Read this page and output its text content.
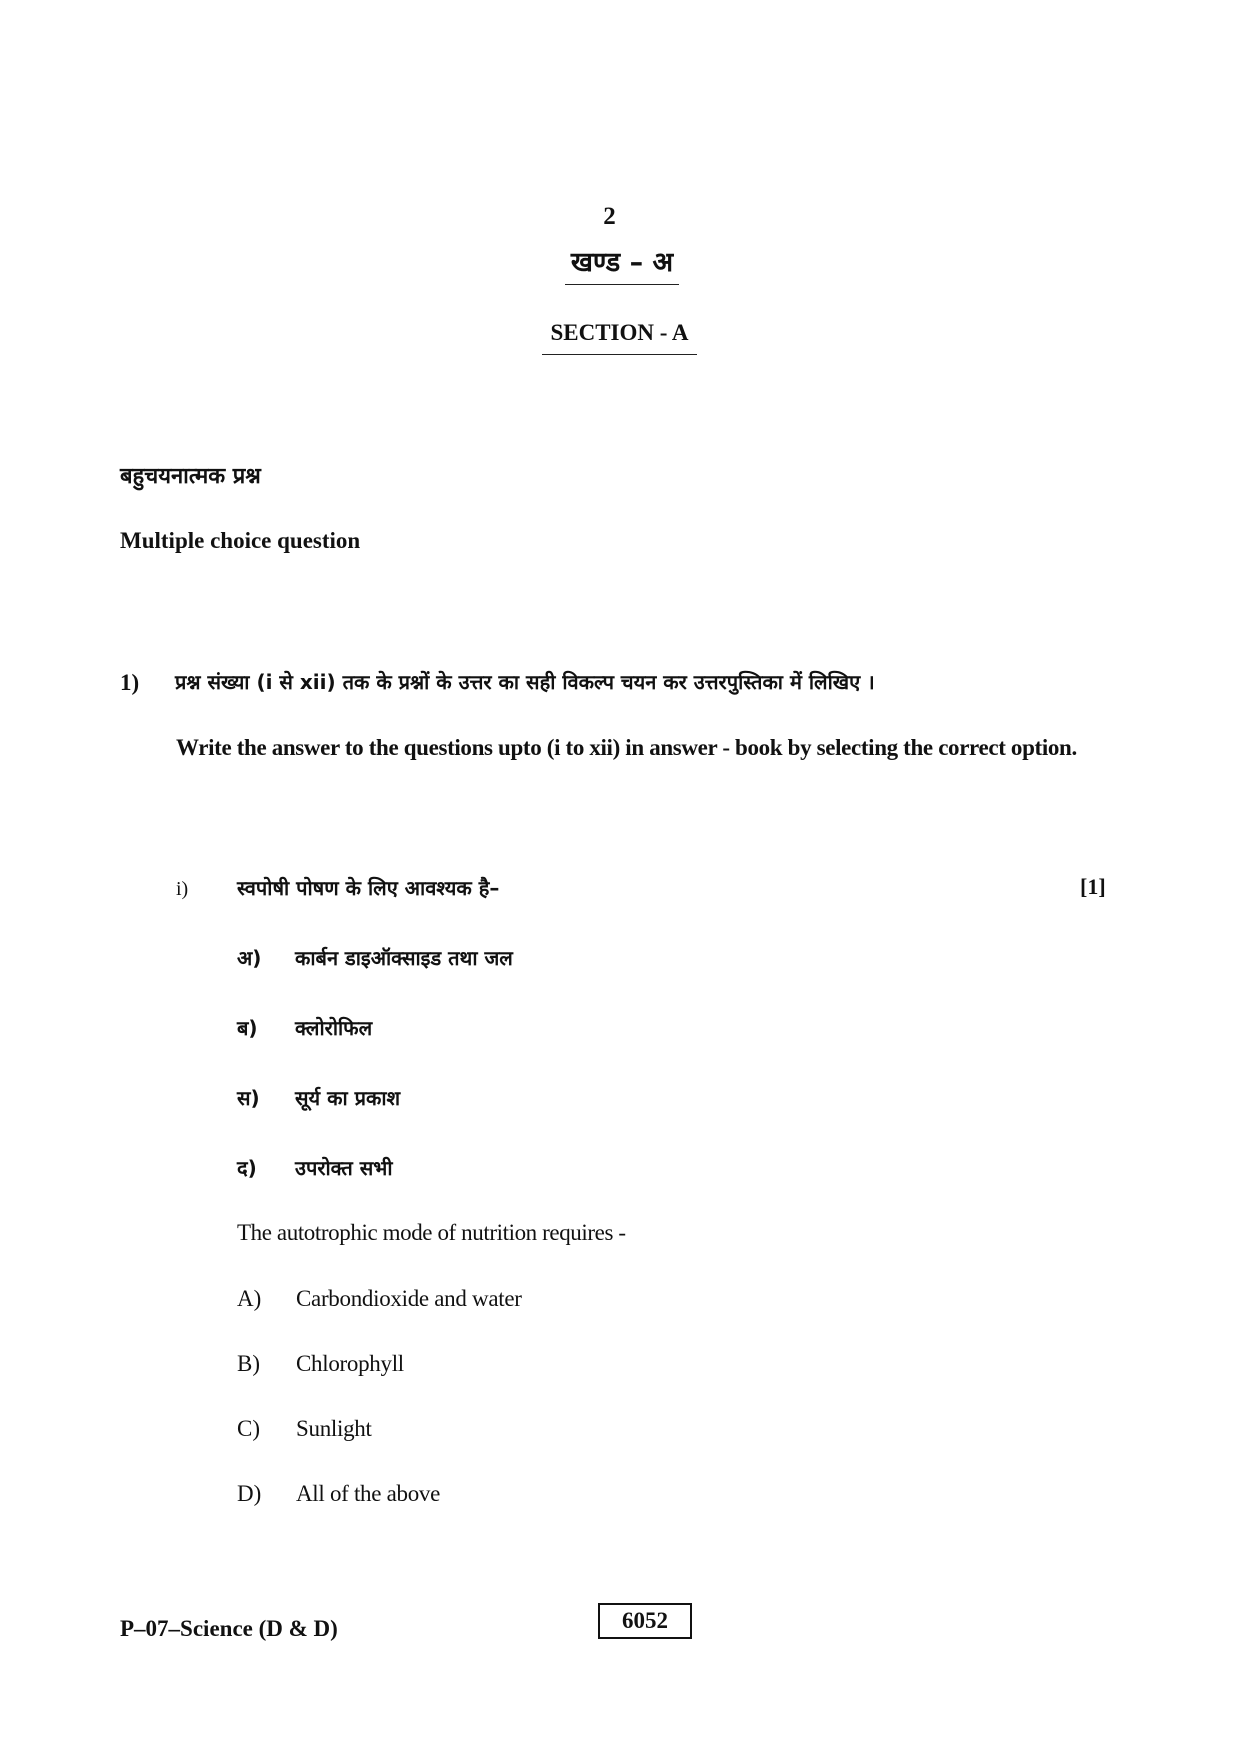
2
खण्ड – अ
SECTION - A
बहुचयनात्मक प्रश्न
Multiple choice question
1) प्रश्न संख्या (i से xii) तक के प्रश्नों के उत्तर का सही विकल्प चयन कर उत्तरपुस्तिका में लिखिए ।
Write the answer to the questions upto (i to xii) in answer - book by selecting the correct option.
i) स्वपोषी पोषण के लिए आवश्यक है–	[1]
अ) कार्बन डाइऑक्साइड तथा जल
ब) क्लोरोफिल
स) सूर्य का प्रकाश
द) उपरोक्त सभी
The autotrophic mode of nutrition requires -
A) Carbondioxide and water
B) Chlorophyll
C) Sunlight
D) All of the above
P–07–Science (D & D)	6052
